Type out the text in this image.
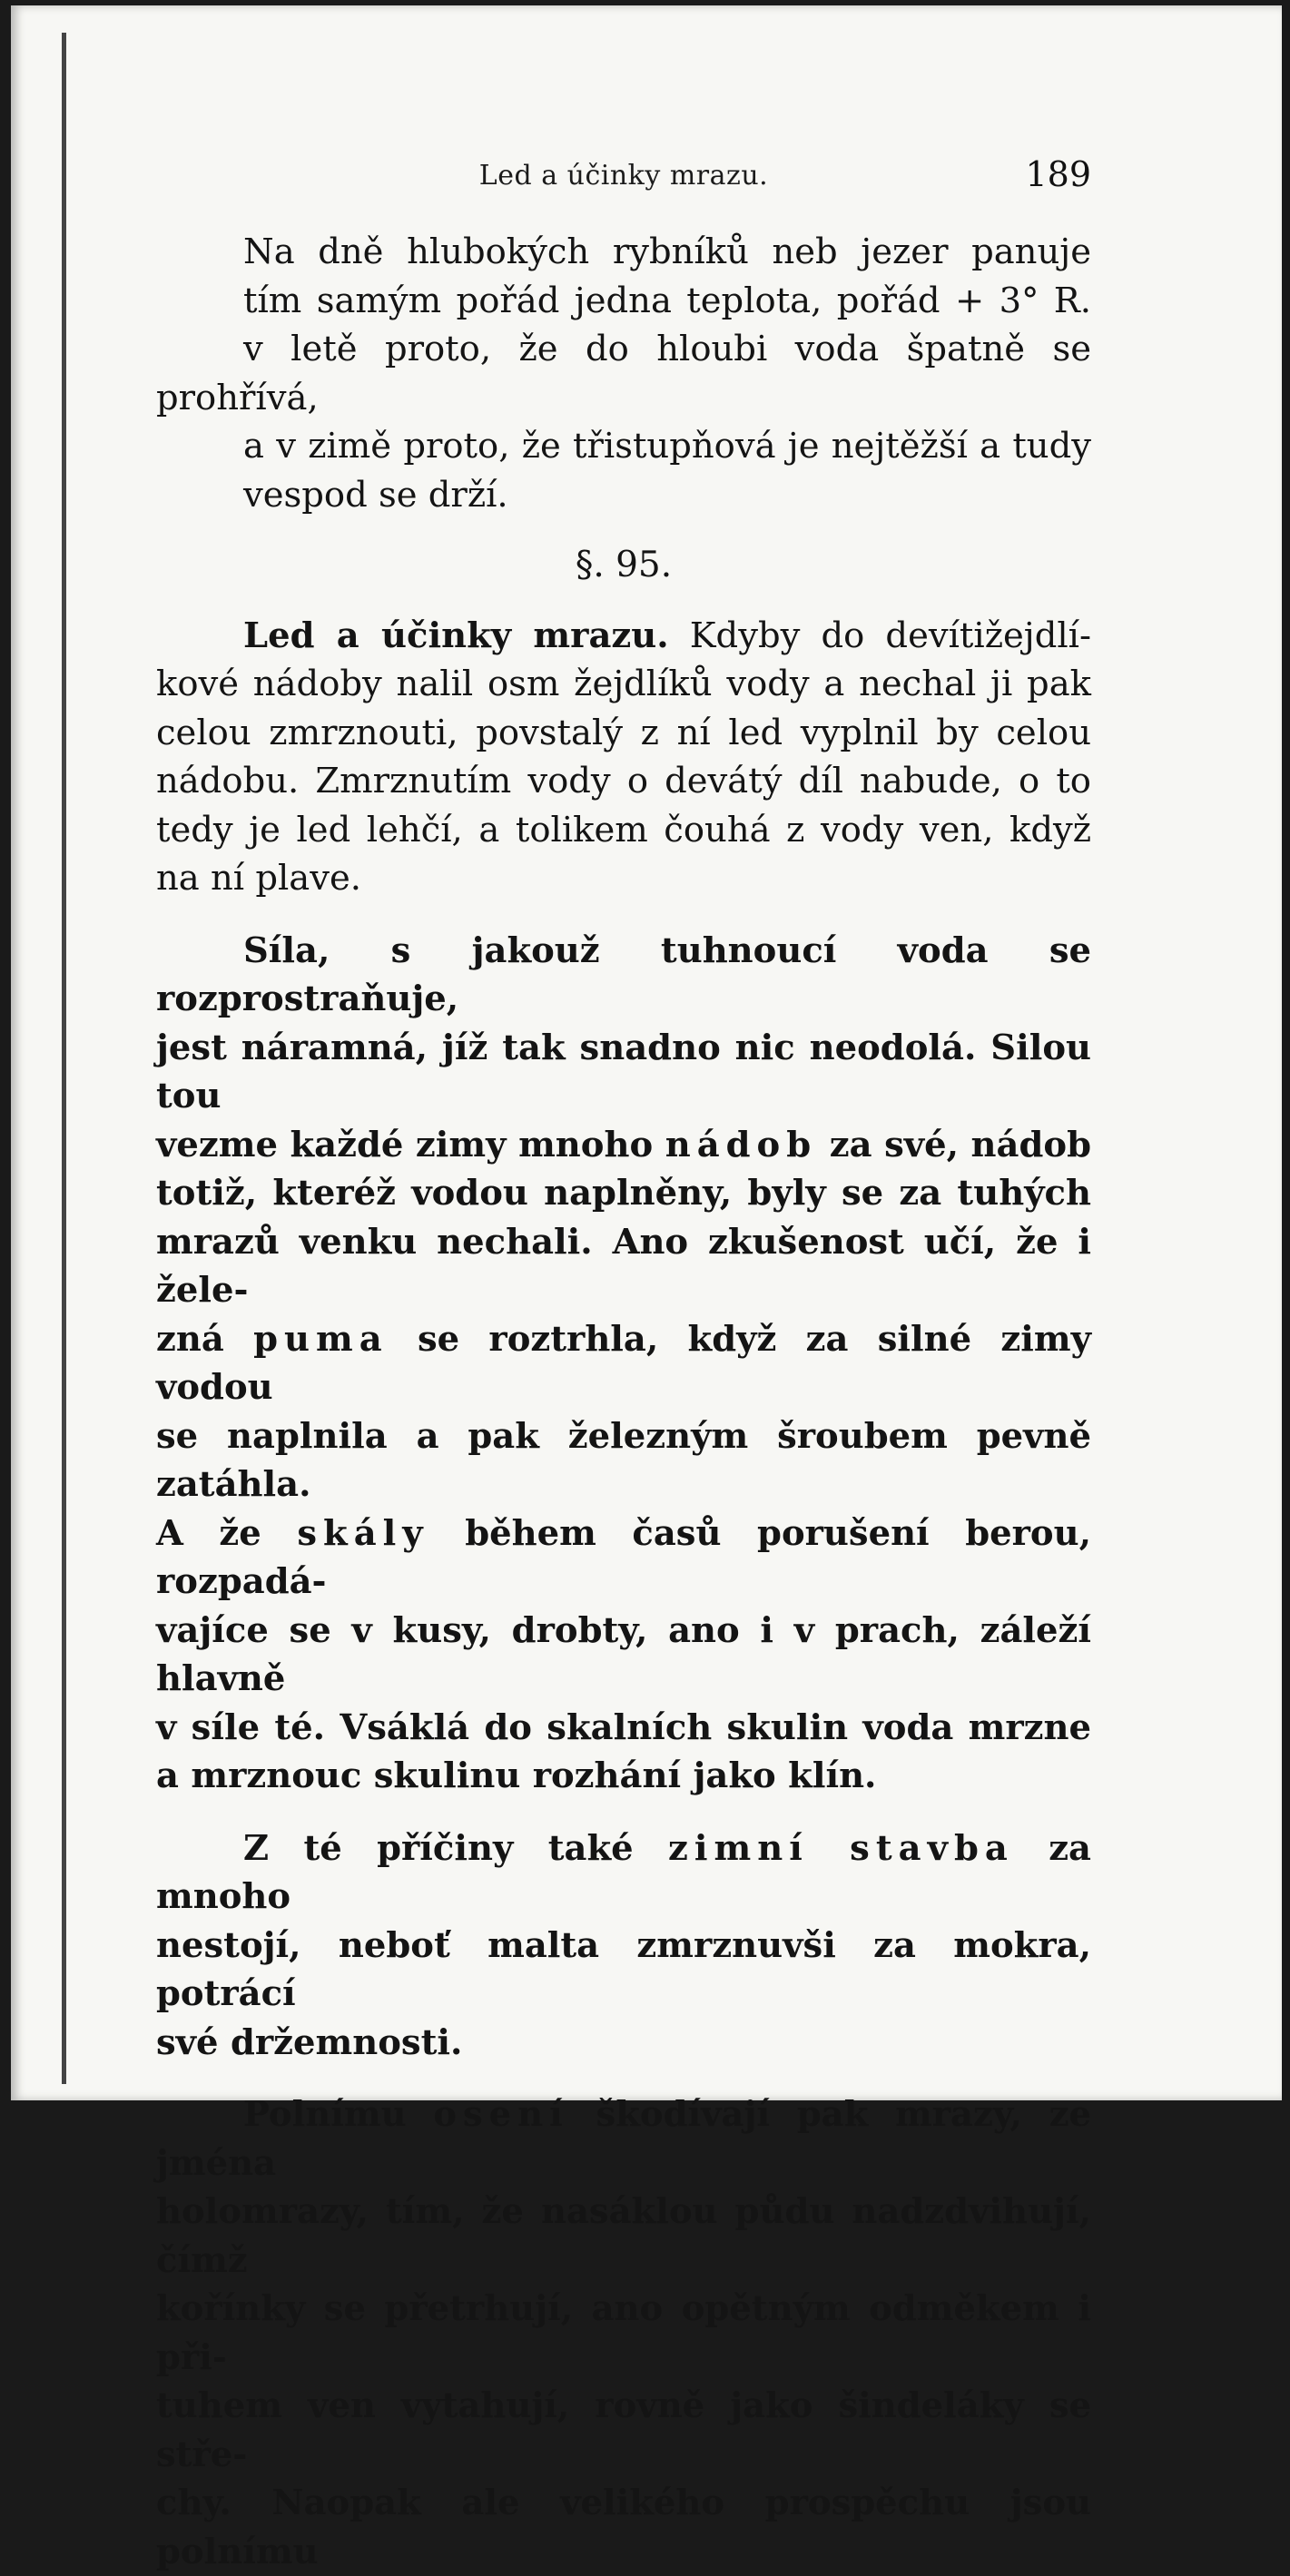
Led a účinky mrazu.	189

Na dně hlubokých rybníků neb jezer panuje
tím samým pořád jedna teplota, pořád + 3° R.
v letě proto, že do hloubi voda špatně se prohřívá,
a v zimě proto, že třistupňová je nejtěžší a tudy
vespod se drží.

§. 95.

Led a účinky mrazu. Kdyby do devítižejdlí-
kové nádoby nalil osm žejdlíků vody a nechal ji pak
celou zmrznouti, povstalý z ní led vyplnil by celou
nádobu. Zmrznutím vody o devátý díl nabude, o to
tedy je led lehčí, a tolikem čouhá z vody ven, když
na ní plave.

Síla, s jakouž tuhnoucí voda se rozprostraňuje,
jest náramná, jíž tak snadno nic neodolá. Silou tou
vezme každé zimy mnoho nádob za své, nádob
totiž, kteréž vodou naplněny, byly se za tuhých
mrazů venku nechali. Ano zkušenost učí, že i žele-
zná puma se roztrhla, když za silné zimy vodou
se naplnila a pak železným šroubem pevně zatáhla.
A že skály během časů porušení berou, rozpadá-
vajíce se v kusy, drobty, ano i v prach, záleží hlavně
v síle té. Vsáklá do skalních skulin voda mrzne
a mrznouc skulinu rozhání jako klín.

Z té příčiny také zimní stavba za mnoho
nestojí, neboť malta zmrznuvši za mokra, potrácí
své držemnosti.

Polnímu osení škodívají pak mrazy, ze jména
holomrazy, tím, že nasáklou půdu nadzdvihují, čímž
kořínky se přetrhují, ano opětným odměkem i při-
tuhem ven vytahují, rovně jako šindeláky se stře-
chy. Naopak ale velikého prospěchu jsou polnímu
